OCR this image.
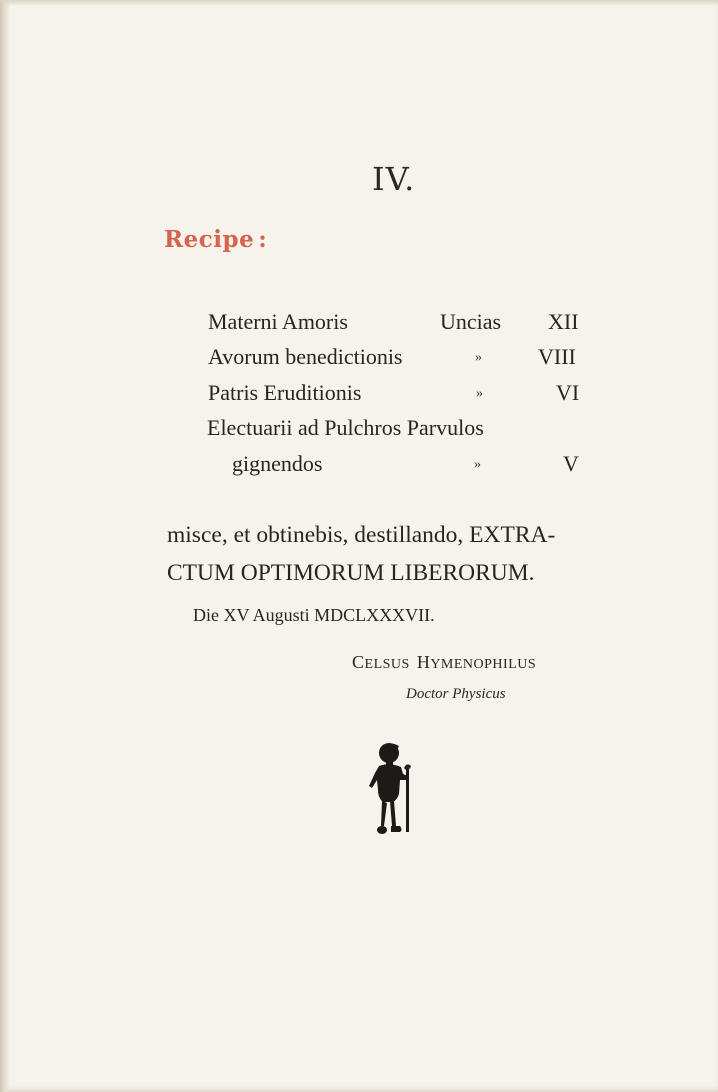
IV.
Recipe :
Materni Amoris	Uncias XII
Avorum benedictionis	»	VIII
Patris Eruditionis	»	VI
Electuarii ad Pulchros Parvulos
gignendos	»	V
misce, et obtinebis, destillando, EXTRA-
CTUM OPTIMORUM LIBERORUM.
Die XV Augusti MDCLXXXVII.
CELSUS HYMENOPHILUS
Doctor Physicus
